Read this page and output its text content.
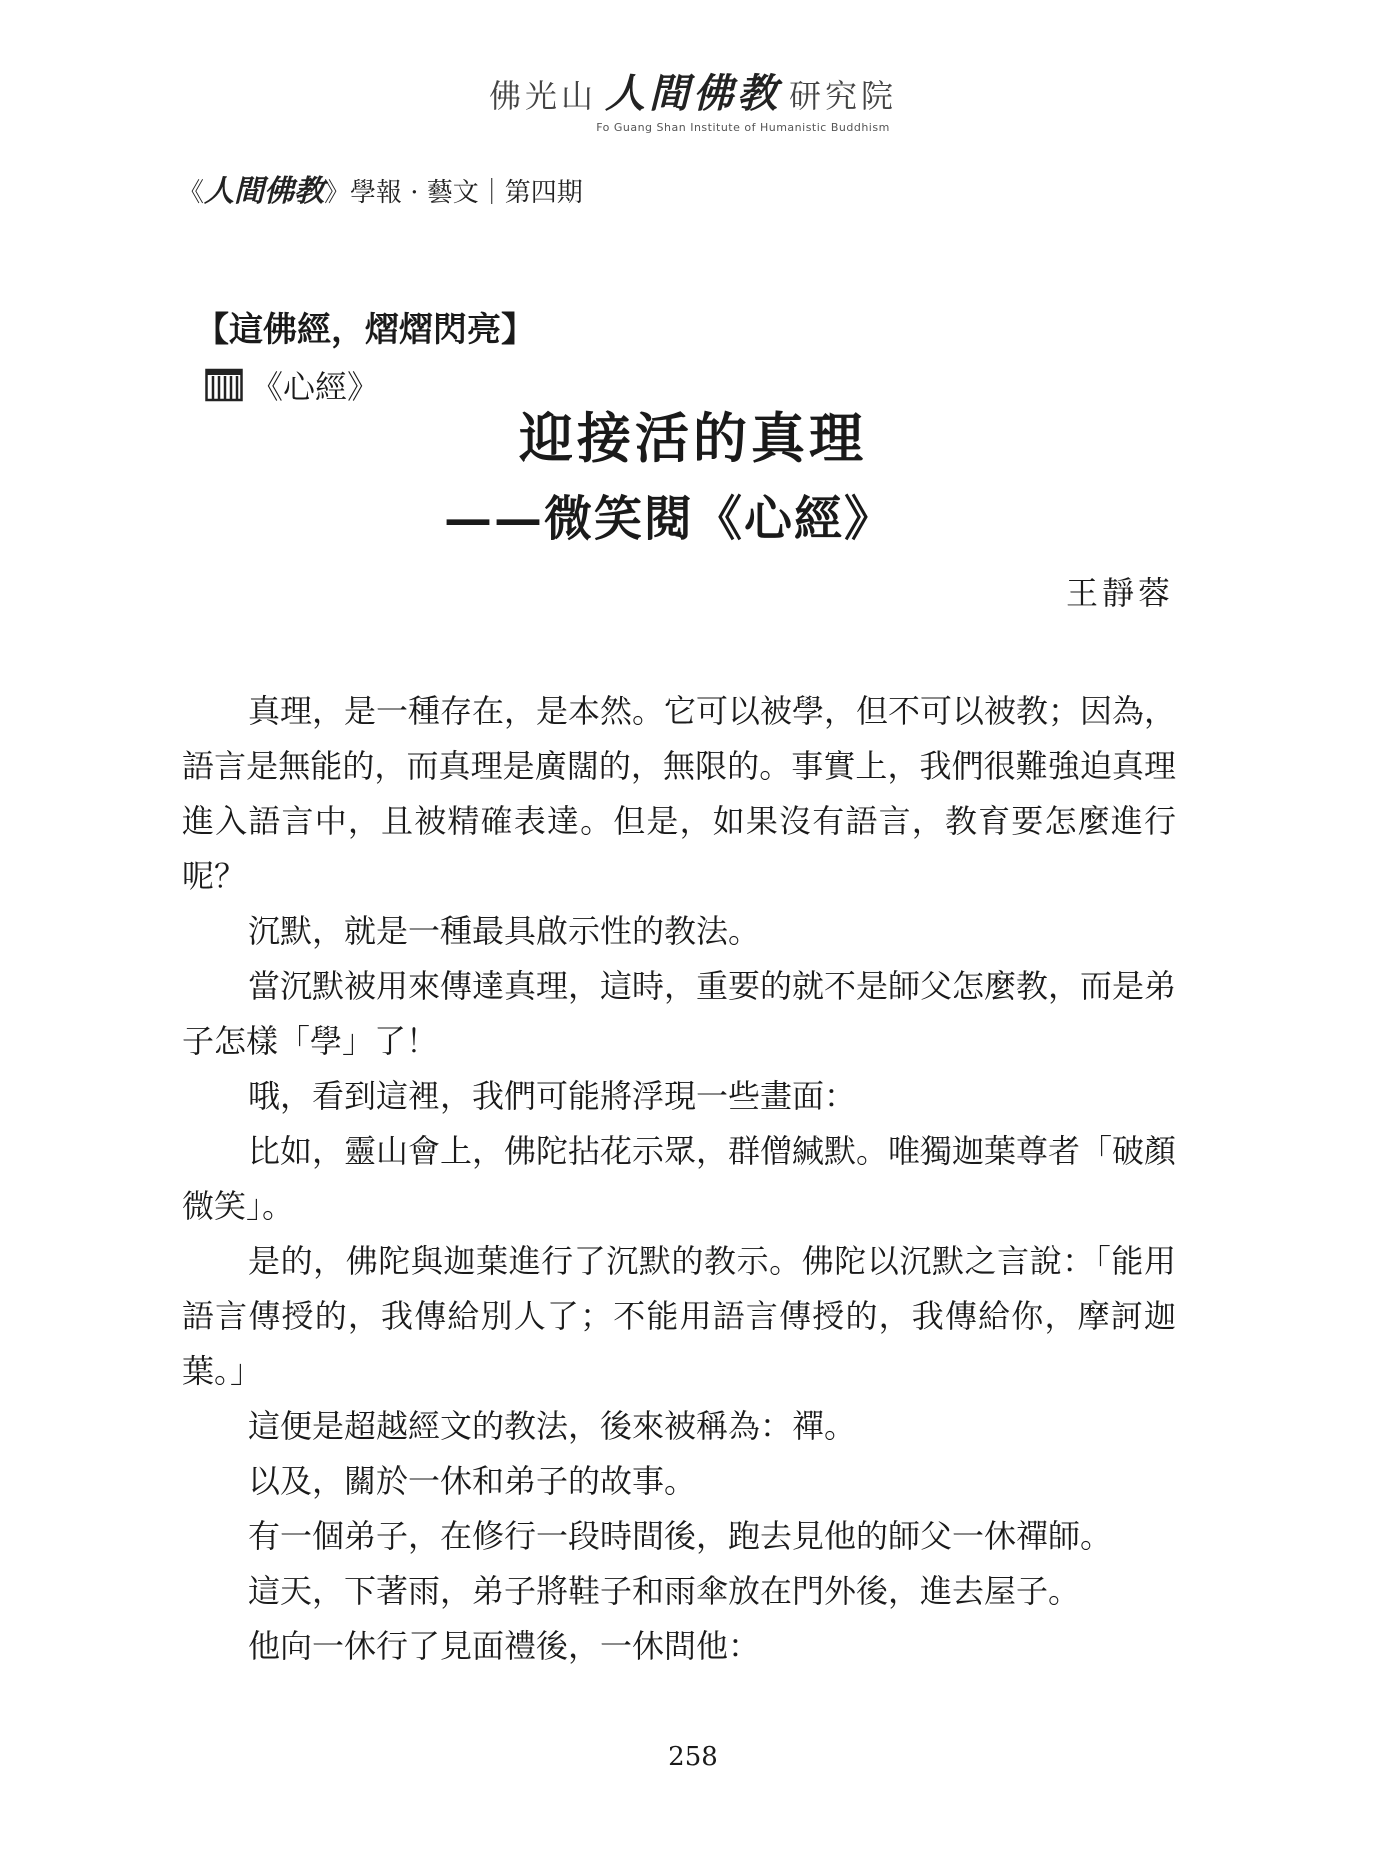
佛光山 人間佛教 研究院
Fo Guang Shan Institute of Humanistic Buddhism
《人間佛教》學報 · 藝文｜第四期
【這佛經，熠熠閃亮】
《心經》
迎接活的真理
——微笑閱《心經》
王靜蓉

真理，是一種存在，是本然。它可以被學，但不可以被教；因為，語言是無能的，而真理是廣闊的，無限的。事實上，我們很難強迫真理進入語言中，且被精確表達。但是，如果沒有語言，教育要怎麼進行呢？

沉默，就是一種最具啟示性的教法。

當沉默被用來傳達真理，這時，重要的就不是師父怎麼教，而是弟子怎樣「學」了！

哦，看到這裡，我們可能將浮現一些畫面：

比如，靈山會上，佛陀拈花示眾，群僧緘默。唯獨迦葉尊者「破顏微笑」。

是的，佛陀與迦葉進行了沉默的教示。佛陀以沉默之言說：「能用語言傳授的，我傳給別人了；不能用語言傳授的，我傳給你，摩訶迦葉。」

這便是超越經文的教法，後來被稱為：禪。

以及，關於一休和弟子的故事。

有一個弟子，在修行一段時間後，跑去見他的師父一休禪師。

這天，下著雨，弟子將鞋子和雨傘放在門外後，進去屋子。

他向一休行了見面禮後，一休問他：

258
